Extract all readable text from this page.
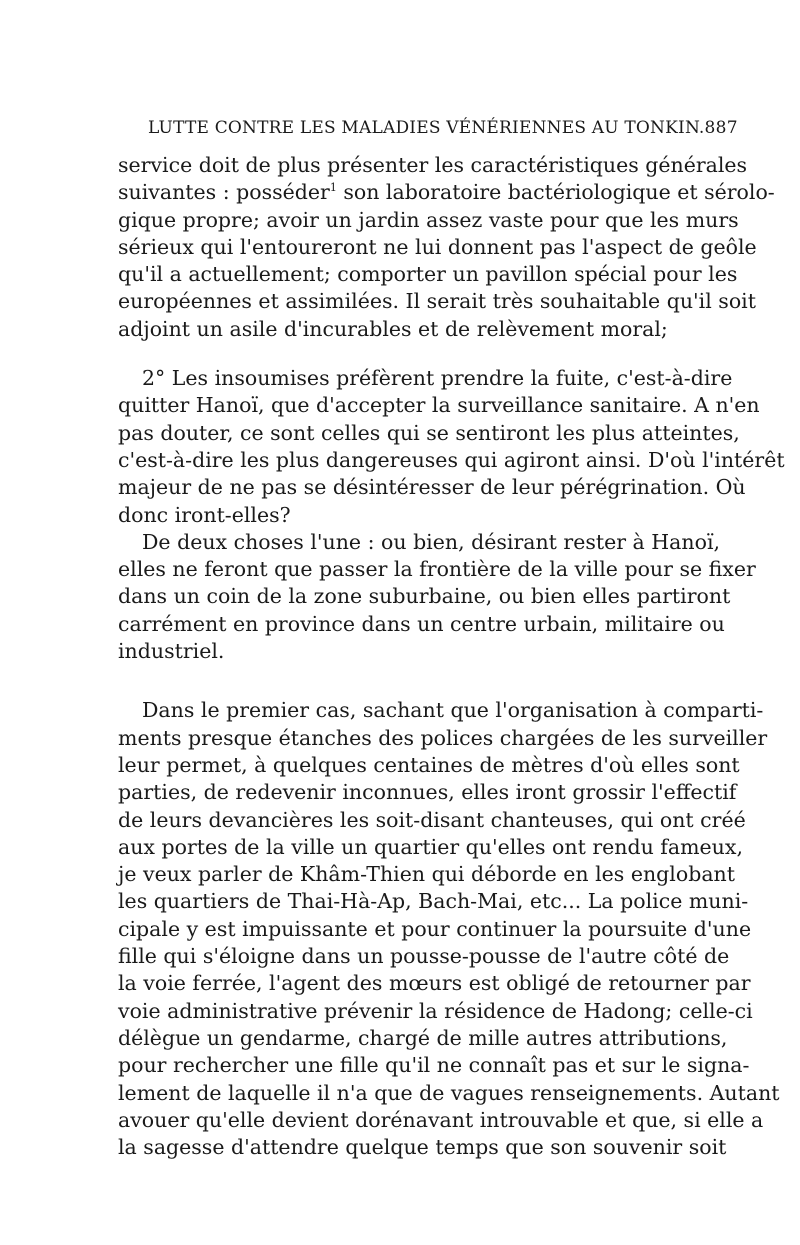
LUTTE CONTRE LES MALADIES VÉNÉRIENNES AU TONKIN. 887
service doit de plus présenter les caractéristiques générales
suivantes : posséder$^1$ son laboratoire bactériologique et sérolo-
gique propre; avoir un jardin assez vaste pour que les murs
sérieux qui l'entoureront ne lui donnent pas l'aspect de geôle
qu'il a actuellement; comporter un pavillon spécial pour les
européennes et assimilées. Il serait très souhaitable qu'il soit
adjoint un asile d'incurables et de relèvement moral;
2° Les insoumises préfèrent prendre la fuite, c'est-à-dire
quitter Hanoï, que d'accepter la surveillance sanitaire. A n'en
pas douter, ce sont celles qui se sentiront les plus atteintes,
c'est-à-dire les plus dangereuses qui agiront ainsi. D'où l'intérêt
majeur de ne pas se désintéresser de leur pérégrination. Où
donc iront-elles?
De deux choses l'une : ou bien, désirant rester à Hanoï,
elles ne feront que passer la frontière de la ville pour se fixer
dans un coin de la zone suburbaine, ou bien elles partiront
carrément en province dans un centre urbain, militaire ou
industriel.
Dans le premier cas, sachant que l'organisation à comparti-
ments presque étanches des polices chargées de les surveiller
leur permet, à quelques centaines de mètres d'où elles sont
parties, de redevenir inconnues, elles iront grossir l'effectif
de leurs devancières les soit-disant chanteuses, qui ont créé
aux portes de la ville un quartier qu'elles ont rendu fameux,
je veux parler de Khâm-Thien qui déborde en les englobant
les quartiers de Thai-Hà-Ap, Bach-Mai, etc... La police muni-
cipale y est impuissante et pour continuer la poursuite d'une
fille qui s'éloigne dans un pousse-pousse de l'autre côté de
la voie ferrée, l'agent des mœurs est obligé de retourner par
voie administrative prévenir la résidence de Hadong; celle-ci
délègue un gendarme, chargé de mille autres attributions,
pour rechercher une fille qu'il ne connaît pas et sur le signa-
lement de laquelle il n'a que de vagues renseignements. Autant
avouer qu'elle devient dorénavant introuvable et que, si elle a
la sagesse d'attendre quelque temps que son souvenir soit
